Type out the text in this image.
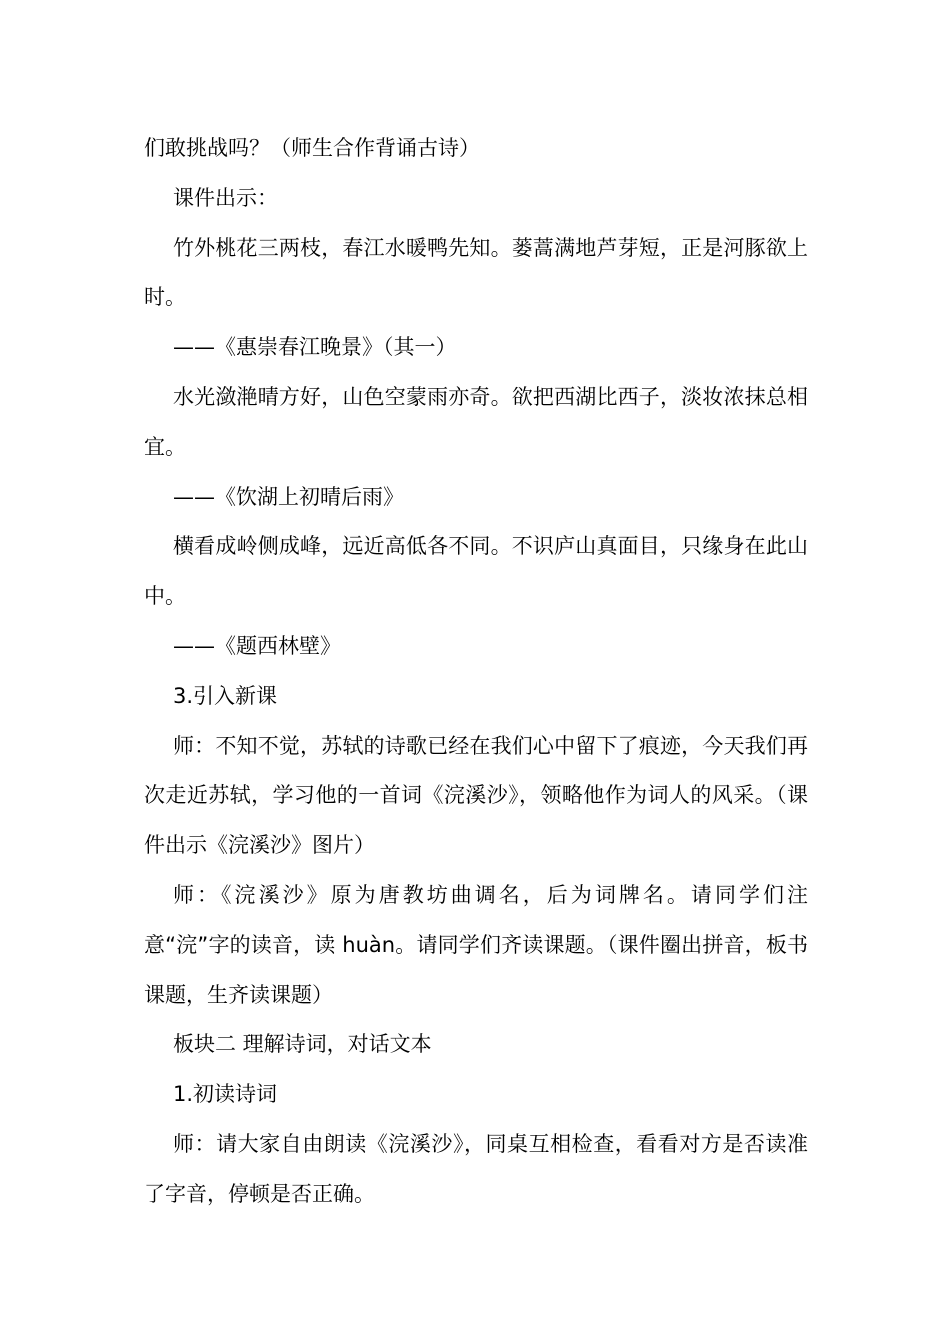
们敢挑战吗？（师生合作背诵古诗）

课件出示：

竹外桃花三两枝，春江水暖鸭先知。蒌蒿满地芦芽短，正是河豚欲上时。

——《惠崇春江晚景》（其一）

水光潋滟晴方好，山色空蒙雨亦奇。欲把西湖比西子，淡妆浓抹总相宜。

——《饮湖上初晴后雨》

横看成岭侧成峰，远近高低各不同。不识庐山真面目，只缘身在此山中。

——《题西林壁》

3.引入新课

师：不知不觉，苏轼的诗歌已经在我们心中留下了痕迹，今天我们再次走近苏轼，学习他的一首词《浣溪沙》，领略他作为词人的风采。（课件出示《浣溪沙》图片）

师：《浣溪沙》原为唐教坊曲调名，后为词牌名。请同学们注意“浣”字的读音，读 huàn。请同学们齐读课题。（课件圈出拼音，板书课题，生齐读课题）

板块二 理解诗词，对话文本

1.初读诗词

师：请大家自由朗读《浣溪沙》，同桌互相检查，看看对方是否读准了字音，停顿是否正确。
